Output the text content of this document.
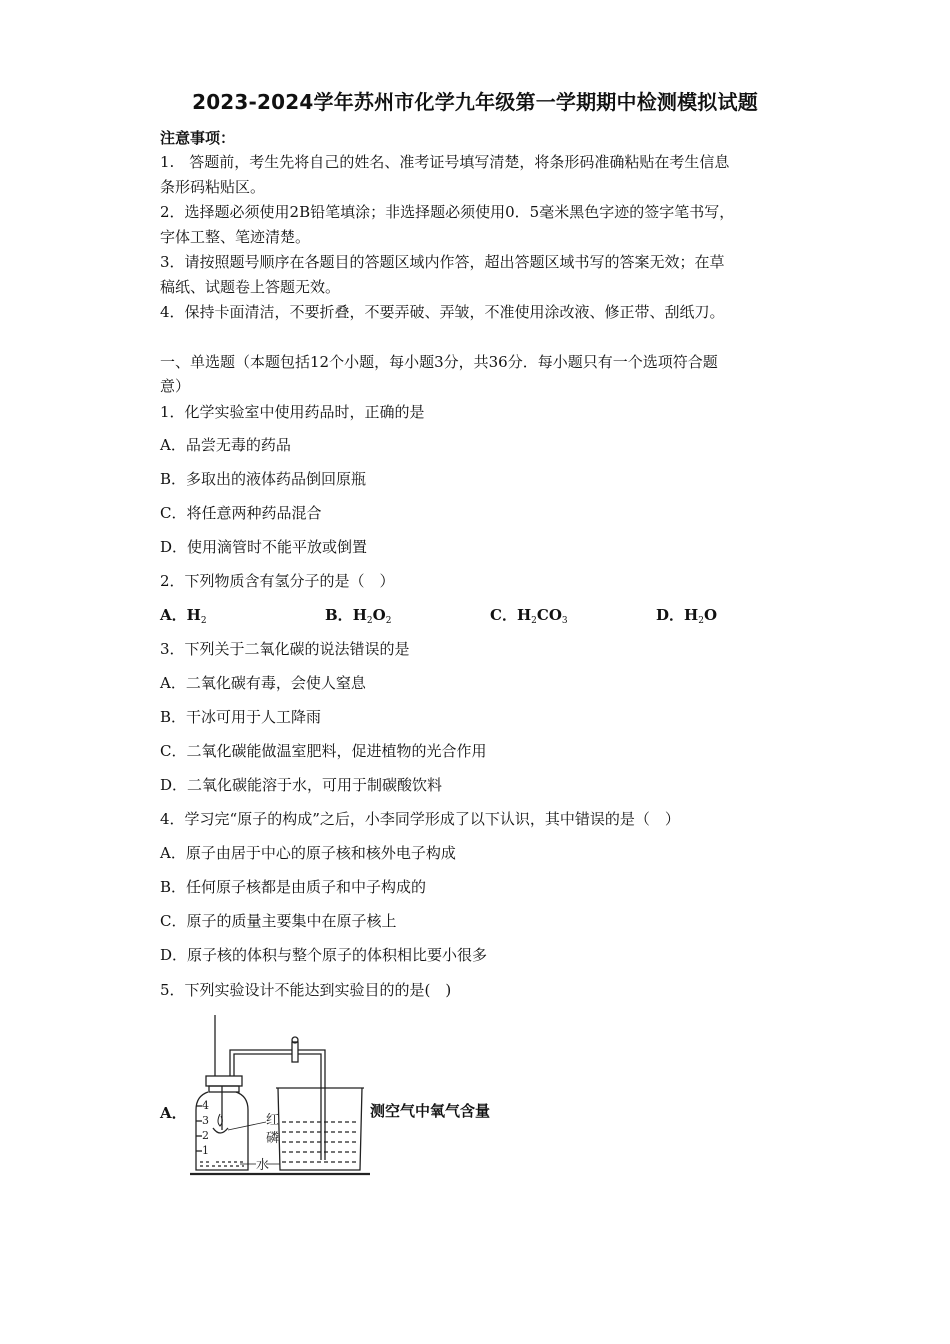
2023-2024学年苏州市化学九年级第一学期期中检测模拟试题
注意事项：
1.　答题前，考生先将自己的姓名、准考证号填写清楚，将条形码准确粘贴在考生信息
条形码粘贴区。
2．选择题必须使用2B铅笔填涂；非选择题必须使用0．5毫米黑色字迹的签字笔书写，
字体工整、笔迹清楚。
3．请按照题号顺序在各题目的答题区域内作答，超出答题区域书写的答案无效；在草
稿纸、试题卷上答题无效。
4．保持卡面清洁，不要折叠，不要弄破、弄皱，不准使用涂改液、修正带、刮纸刀。
一、单选题（本题包括12个小题，每小题3分，共36分．每小题只有一个选项符合题
意）
1．化学实验室中使用药品时，正确的是
A．品尝无毒的药品
B．多取出的液体药品倒回原瓶
C．将任意两种药品混合
D．使用滴管时不能平放或倒置
2．下列物质含有氢分子的是（　）
A．$H_2$	B．$H_2O_2$	C．$H_2CO_3$	D．$H_2O$
3．下列关于二氧化碳的说法错误的是
A．二氧化碳有毒，会使人窒息
B．干冰可用于人工降雨
C．二氧化碳能做温室肥料，促进植物的光合作用
D．二氧化碳能溶于水，可用于制碳酸饮料
4．学习完“原子的构成”之后，小李同学形成了以下认识，其中错误的是（　）
A．原子由居于中心的原子核和核外电子构成
B．任何原子核都是由质子和中子构成的
C．原子的质量主要集中在原子核上
D．原子核的体积与整个原子的体积相比要小很多
5．下列实验设计不能达到实验目的的是(　)
A． 4
3
2
1
红
磷
水
测空气中氧气含量
